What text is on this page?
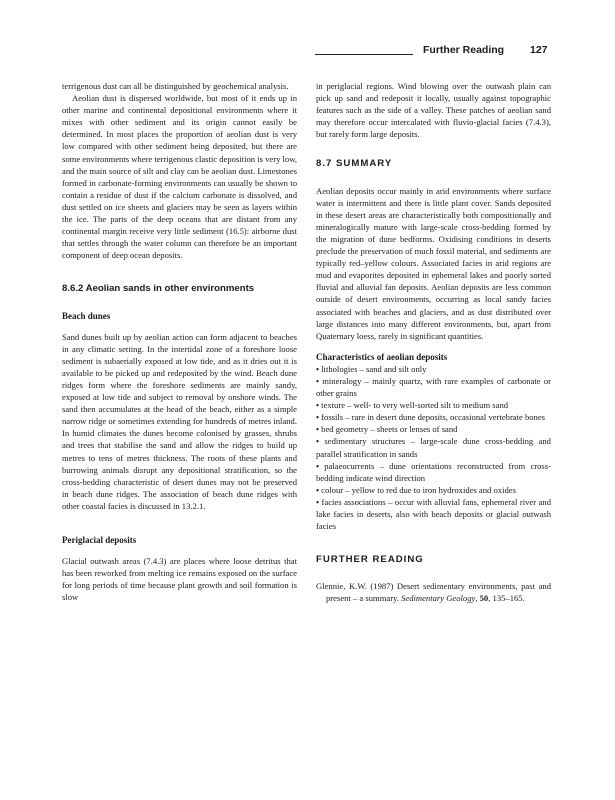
Further Reading 127

terrigenous dust can all be distinguished by geochemical analysis.

Aeolian dust is dispersed worldwide, but most of it ends up in other marine and continental depositional environments where it mixes with other sediment and its origin cannot easily be determined. In most places the proportion of aeolian dust is very low compared with other sediment being deposited, but there are some environments where terrigenous clastic deposition is very low, and the main source of silt and clay can be aeolian dust. Limestones formed in carbonate-forming environments can usually be shown to contain a residue of dust if the calcium carbonate is dissolved, and dust settled on ice sheets and glaciers may be seen as layers within the ice. The parts of the deep oceans that are distant from any continental margin receive very little sediment (16.5): airborne dust that settles through the water column can therefore be an important component of deep ocean deposits.

8.6.2 Aeolian sands in other environments

Beach dunes

Sand dunes built up by aeolian action can form adjacent to beaches in any climatic setting. In the intertidal zone of a foreshore loose sediment is subaerially exposed at low tide, and as it dries out it is available to be picked up and redeposited by the wind. Beach dune ridges form where the foreshore sediments are mainly sandy, exposed at low tide and subject to removal by onshore winds. The sand then accumulates at the head of the beach, either as a simple narrow ridge or sometimes extending for hundreds of metres inland. In humid climates the dunes become colonised by grasses, shrubs and trees that stabilise the sand and allow the ridges to build up metres to tens of metres thickness. The roots of these plants and burrowing animals disrupt any depositional stratification, so the cross-bedding characteristic of desert dunes may not be preserved in beach dune ridges. The association of beach dune ridges with other coastal facies is discussed in 13.2.1.

Periglacial deposits

Glacial outwash areas (7.4.3) are places where loose detritus that has been reworked from melting ice remains exposed on the surface for long periods of time because plant growth and soil formation is slow

in periglacial regions. Wind blowing over the outwash plain can pick up sand and redeposit it locally, usually against topographic features such as the side of a valley. These patches of aeolian sand may therefore occur intercalated with fluvio-glacial facies (7.4.3), but rarely form large deposits.

8.7 SUMMARY

Aeolian deposits occur mainly in arid environments where surface water is intermittent and there is little plant cover. Sands deposited in these desert areas are characteristically both compositionally and mineralogically mature with large-scale cross-bedding formed by the migration of dune bedforms. Oxidising conditions in deserts preclude the preservation of much fossil material, and sediments are typically red–yellow colours. Associated facies in arid regions are mud and evaporites deposited in ephemeral lakes and poorly sorted fluvial and alluvial fan deposits. Aeolian deposits are less common outside of desert environments, occurring as local sandy facies associated with beaches and glaciers, and as dust distributed over large distances into many different environments, but, apart from Quaternary loess, rarely in significant quantities.

Characteristics of aeolian deposits

• lithologies – sand and silt only
• mineralogy – mainly quartz, with rare examples of carbonate or other grains
• texture – well- to very well-sorted silt to medium sand
• fossils – rare in desert dune deposits, occasional vertebrate bones
• bed geometry – sheets or lenses of sand
• sedimentary structures – large-scale dune cross-bedding and parallel stratification in sands
• palaeocurrents – dune orientations reconstructed from cross-bedding indicate wind direction
• colour – yellow to red due to iron hydroxides and oxides
• facies associations – occur with alluvial fans, ephemeral river and lake facies in deserts, also with beach deposits or glacial outwash facies

FURTHER READING

Glennie, K.W. (1987) Desert sedimentary environments, past and present – a summary. Sedimentary Geology, 50, 135–165.
